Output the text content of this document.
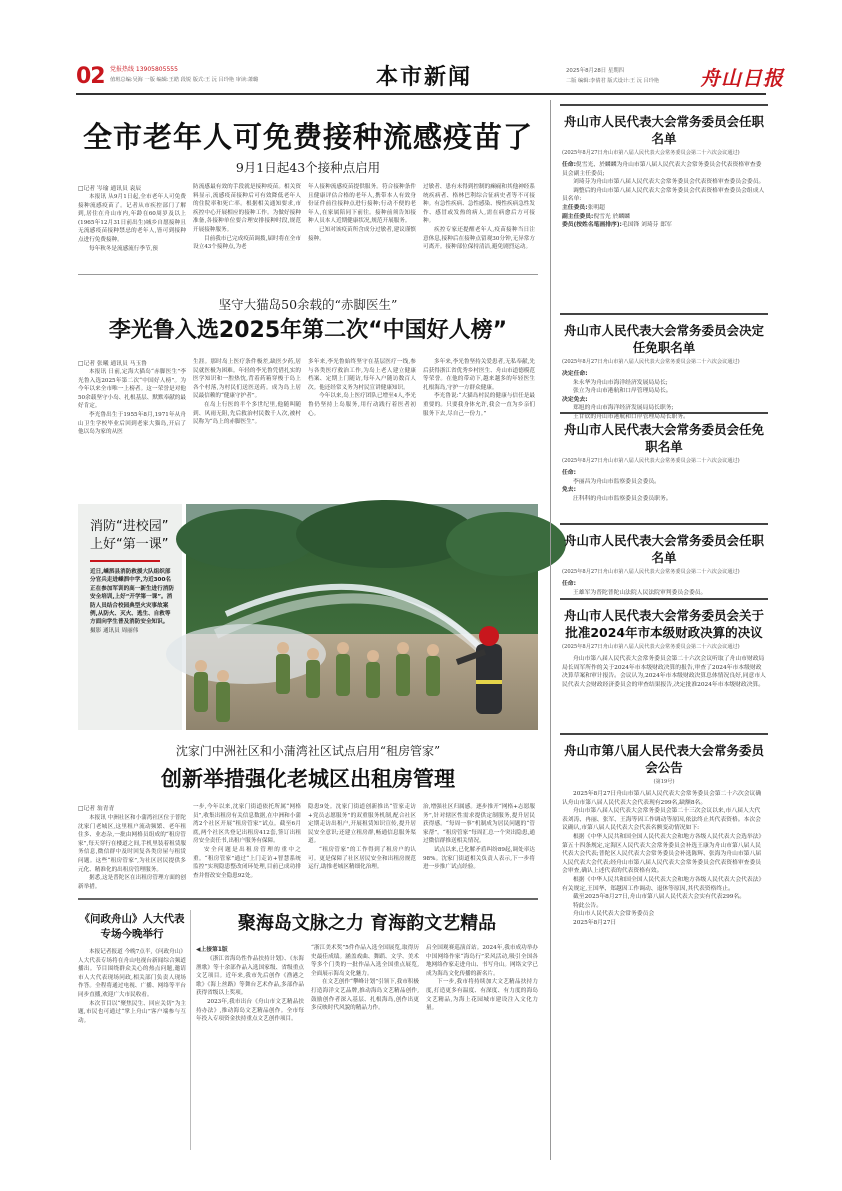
02 党报热线 13905805555
值班总编:吴海 一版 编辑:王皓 段锐 版式:王 沅 吕玲艳 审读:萧璐	本市新闻	2025年8月28日 星期四
二版 编辑:李倩君 版式设计:王 沅 吕玲艳 舟山日报
全市老年人可免费接种流感疫苗了
9月1日起43个接种点启用
□记者 岑瑜 通讯员 袁辰

本报讯 从9月1日起,全市老年人可免费接种流感疫苗了。记者从市疾控部门了解到,居住在舟山市内,年龄在60周岁及以上(1965年12月31日前出生)城乡自愿接种且无流感疫苗接种禁忌的老年人,皆可到接种点进行免费接种。

每年秋冬是流感流行季节,预

防流感最有效的手段就是接种疫苗。相关资料显示,流感疫苗接种后可有效降低老年人的住院率和死亡率。根据相关通知要求,市疾控中心开展相应的接种工作。为做好接种准备,各接种单位要合理安排接种时段,规范开展接种服务。

目前我市已完成疫苗调拨,届时将在全市设立43个接种点,为老

年人接种流感疫苗提供服务。符合接种条件且健康评估合格的老年人,携带本人有效身份证件前往接种点进行接种;行动不便的老年人,在家属陪同下前往。接种前须告知接种人员本人近期健康状况,规范开展服务。

已知对该疫苗所含成分过敏者,建议谨慎接种。

过敏者、患有未得到控制的癫痫和其他神经系统疾病者、格林巴利综合征病史者等不可接种。有急性疾病、急性感染、慢性疾病急性发作、感冒或发热的病人,需在病愈后方可接种。

疾控专家还提醒老年人,疫苗接种当日注意休息,接种后在接种点留观30分钟,无异常方可离开。接种部位保持清洁,避免剧烈运动。

坚守大猫岛50余载的“赤脚医生”
李光鲁入选2025年第二次“中国好人榜”
□记者 张曦 通讯员 马玉鲁

本报讯 日前,定海大猫岛“赤脚医生”李光鲁入选2025年第二次“中国好人榜”。为今年以来全市唯一上榜者。这一荣誉是对他50余载坚守小岛、扎根基层、默默奉献的最好肯定。

李光鲁出生于1955年8月,1971年从舟山卫生学校毕业后回到老家大猫岛,开启了他以岛为家的从医

生涯。那时岛上医疗条件极差,缺医少药,居民就医极为困难。年轻的李光鲁凭借扎实的医学知识和一腔热忱,背着药箱穿梭于岛上各个村落,为村民们送医送药。成为岛上居民最信赖的“健康守护者”。

在岛上行医的半个多世纪里,他随叫随到、风雨无阻,先后救治村民数千人次,被村民称为“岛上的赤脚医生”。

多年来,李光鲁始终坚守在基层医疗一线,参与各类医疗救治工作,为岛上老人建立健康档案、定期上门随访,每年入户随访数百人次。他还经常义务为村民宣讲健康知识。

今年以来,岛上医疗团队已增至4人,李光鲁仍坚持上岛服务,用行动践行着医者初心。

多年来,李光鲁坚持关爱患者,无私奉献,先后获得浙江省优秀乡村医生、舟山市道德模范等荣誉。在他的带动下,越来越多的年轻医生扎根海岛,守护一方群众健康。

李光鲁说:“大猫岛村民的健康与信任是最重要的。只要我身体允许,我会一直为乡亲们服务下去,尽自己一份力。”

消防“进校园”
上好“第一课”

近日,嵊泗县消防救援大队组织部分官兵走进嵊泗中学,为近300名正在参加军训的高一新生进行消防安全培训,上好“开学第一课”。消防人员结合校园典型火灾事故案例,从防火、灭火、逃生、自救等方面向学生普及消防安全知识。 摄影 通讯员 周丽伟

沈家门中洲社区和小蒲湾社区试点启用“租房管家”
创新举措强化老城区出租房管理
□记者 翁青青

本报讯 中洲社区和小蒲湾社区位于普陀沈家门老城区,这里租户流动频繁、老年租住多、业态杂,一批由网格员组成的“租房管家”,每天穿行在楼道之间,手机里装着租赁服务信息,微信群中及时回复各类房屋与租赁问题。这些“租房管家”,为社区居民提供多元化、精准化的出租房管理服务。

据悉,这是普陀区在出租房管理方面的创新举措。

一步,今年以来,沈家门街道依托所属“网格员”,收集出租房有关信息数据,在中洲和小蒲湾2个社区开展“租房管家”试点。截至6月底,两个社区共登记出租房412套,签订出租房安全责任书,出租户服务有保障。

安全问题是出租房管理的重中之重。“租房管家”通过“上门走访+智慧系统监控”实现隐患整改闭环处理,目前已成功排查并督改安全隐患92处。

隐患9处。沈家门街道创新推出“管家走访+党员志愿服务”的双重服务机制,配合社区定期走访出租户,开展租赁知识宣传,提升居民安全意识;还建立租房群,畅通信息服务渠道。

“租房管家”的工作得到了租房户的认可。更是保障了社区居民安全和出租房规范运行,助推老城区精细化治理。

治,增强社区归属感。逐步推开“网格+志愿服务”,针对辖区性需求提供定制服务,提升居民获得感。“每周一事”机制成为居民问题的“管家帮”。“租房管家”每周汇总一个突出隐患,通过微信群推送相关情况。

试点以来,已化解矛盾纠纷89起,调处率达98%。沈家门街道相关负责人表示,下一步将进一步推广试点经验。

《问政舟山》人大代表
专场今晚举行

本报记者报道 今晚7点半,《问政舟山》人大代表专场将在舟山电视台新闻综合频道播出。节目围绕群众关心的热点问题,邀请市人大代表现场问政,相关部门负责人现场作答。全程将通过电视、广播、网络等平台同步直播,欢迎广大市民收看。

本次节目以“聚焦民生、回应关切”为主题,市民也可通过“掌上舟山”客户端参与互动。

聚海岛文脉之力 育海韵文艺精品
◀上接第1版

《浙江省海岛性作品扶持计划》、《东海渔歌》等十余部作品入选国家级、省级重点文艺项目。近年来,我市先后创作《渔港之歌》《海上丝路》等舞台艺术作品,多部作品获得省级以上奖项。

2023年,我市出台《舟山市文艺精品扶持办法》,推动海岛文艺精品创作。全市每年投入专项资金扶持重点文艺创作项目。

“浙江美术奖”5件作品入选全国展览,取得历史最佳成绩。涵盖戏曲、舞蹈、文学、美术等多个门类的一批作品入选全国重点展览,全面展示海岛文化魅力。

在文艺创作“攀峰计划”引领下,我市积极打造海洋文艺品牌,推动海岛文艺精品创作,鼓励创作者深入基层、扎根海岛,创作出更多反映时代风貌的精品力作。

启全国观赛巡演首站。2024年,我市成功举办中国网络作家“海岛行”采风活动,吸引全国各地网络作家走进舟山、书写舟山。网络文学已成为海岛文化传播的新名片。

下一步,我市将持续加大文艺精品扶持力度,打造更多有温度、有深度、有力度的海岛文艺精品,为海上花园城市建设注入文化力量。

舟山市人民代表大会常务委员会任职名单

(2025年8月27日舟山市第八届人民代表大会常务委员会第二十六次会议通过)

任命:倪雪光、於麟麟为舟山市第八届人民代表大会常务委员会代表资格审查委员会副主任委员;

刘琦芬为舟山市第八届人民代表大会常务委员会代表资格审查委员会委员。

调整后的舟山市第八届人民代表大会常务委员会代表资格审查委员会组成人员名单:

主任委员:张明超

副主任委员:倪雪光 於麟麟

委员(按姓名笔画排序):毛国锋 刘琦芬 郎军

舟山市人民代表大会常务委员会决定任免职名单

(2025年8月27日舟山市第八届人民代表大会常务委员会第二十六次会议通过)

决定任命:

朱永华为舟山市海洋经济发展局局长;

张立为舟山市港航和口岸管理局局长。

决定免去:

郑旭的舟山市海洋经济发展局局长职务;

王甘钦的舟山市港航和口岸管理局局长职务。

舟山市人民代表大会常务委员会任免职名单

(2025年8月27日舟山市第八届人民代表大会常务委员会第二十六次会议通过)

任命:

李丽昌为舟山市监察委员会委员。

免去:

汪科科的舟山市监察委员会委员职务。

舟山市人民代表大会常务委员会任职名单

(2025年8月27日舟山市第八届人民代表大会常务委员会第二十六次会议通过)

任命:

王雄军为普陀普陀山法院人民法院审判委员会委员。

舟山市人民代表大会常务委员会关于批准2024年市本级财政决算的决议

(2025年8月27日舟山市第八届人民代表大会常务委员会第二十六次会议通过)

舟山市第八届人民代表大会常务委员会第二十六次会议听取了舟山市财政局局长周军所作的关于2024年市本级财政决算的报告,审查了2024年市本级财政决算草案和审计报告。会议认为,2024年市本级财政决算总体情况良好,同意市人民代表大会财政经济委员会的审查结果报告,决定批准2024年市本级财政决算。

舟山市第八届人民代表大会常务委员会公告

(第19号)

2025年8月27日舟山市第八届人民代表大会常务委员会第二十六次会议确认舟山市第八届人民代表大会代表现有299名,缺额8名。

舟山市第八届人民代表大会常务委员会第二十三次会议以来,市八届人大代表刘涛、冉丽、张军、王海等因工作调动等原因,依法终止其代表资格。本次会议确认,市第八届人民代表大会代表名额变动情况如下:

根据《中华人民共和国全国人民代表大会和地方各级人民代表大会选举法》第五十四条规定,定海区人民代表大会常务委员会补选王康为舟山市第八届人民代表大会代表;普陀区人民代表大会常务委员会补选陈辉、张海为舟山市第八届人民代表大会代表;经舟山市第八届人民代表大会常务委员会代表资格审查委员会审查,确认上述代表的代表资格有效。

根据《中华人民共和国全国人民代表大会和地方各级人民代表大会代表法》有关规定,王国华、郑越因工作调动、退休等原因,其代表资格终止。

截至2025年8月27日,舟山市第八届人民代表大会实有代表299名。

特此公告。

舟山市人民代表大会常务委员会

2025年8月27日
